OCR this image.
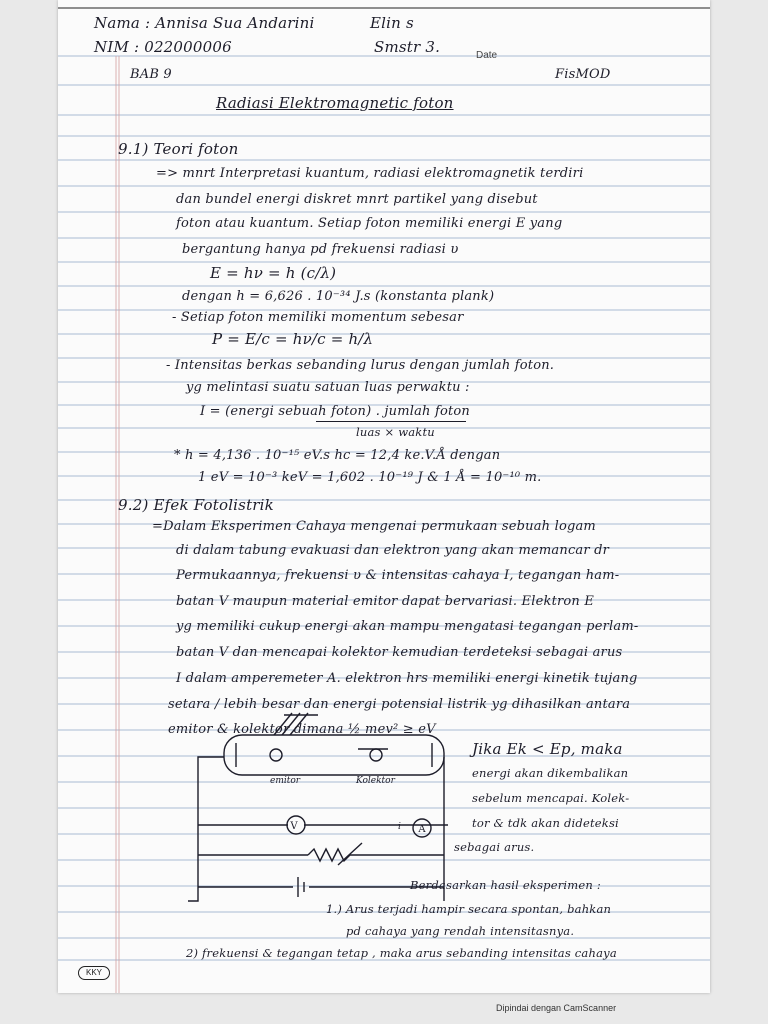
Nama : Annisa Sua Andarini
NIM : 022000006
Elin s
Smstr 3.	Date
BAB 9	FisMOD
Radiasi Elektromagnetic foton
9.1) Teori foton
=> mnrt Interpretasi kuantum, radiasi elektromagnetik terdiri
dan bundel energi diskret mnrt partikel yang disebut
foton atau kuantum. Setiap foton memiliki energi E yang
bergantung hanya pd frekuensi radiasi υ
E = hν = h (c/λ)
dengan h = 6,626 . 10⁻³⁴ J.s (konstanta plank)
- Setiap foton memiliki momentum sebesar
P = E/c = hν/c = h/λ
- Intensitas berkas sebanding lurus dengan jumlah foton.
yg melintasi suatu satuan luas perwaktu :
I = (energi sebuah foton) . jumlah foton
luas × waktu
* h = 4,136 . 10⁻¹⁵ eV.s hc = 12,4 ke.V.Å dengan
1 eV = 10⁻³ keV = 1,602 . 10⁻¹⁹ J & 1 Å = 10⁻¹⁰ m.
9.2) Efek Fotolistrik
=Dalam Eksperimen Cahaya mengenai permukaan sebuah logam
di dalam tabung evakuasi dan elektron yang akan memancar dr
Permukaannya, frekuensi υ & intensitas cahaya I, tegangan ham-
batan V maupun material emitor dapat bervariasi. Elektron E
yg memiliki cukup energi akan mampu mengatasi tegangan perlam-
batan V dan mencapai kolektor kemudian terdeteksi sebagai arus
I dalam amperemeter A. elektron hrs memiliki energi kinetik tujang
setara / lebih besar dan energi potensial listrik yg dihasilkan antara
emitor & kolektor dimana ½ mev² ≥ eV
V
emitor	Kolektor
i A
Jika Ek < Ep, maka
energi akan dikembalikan
sebelum mencapai. Kolek-
tor & tdk akan dideteksi
sebagai arus.
Berdasarkan hasil eksperimen :
1.) Arus terjadi hampir secara spontan, bahkan
pd cahaya yang rendah intensitasnya.
2) frekuensi & tegangan tetap , maka arus sebanding intensitas cahaya
KKY
Dipindai dengan CamScanner
